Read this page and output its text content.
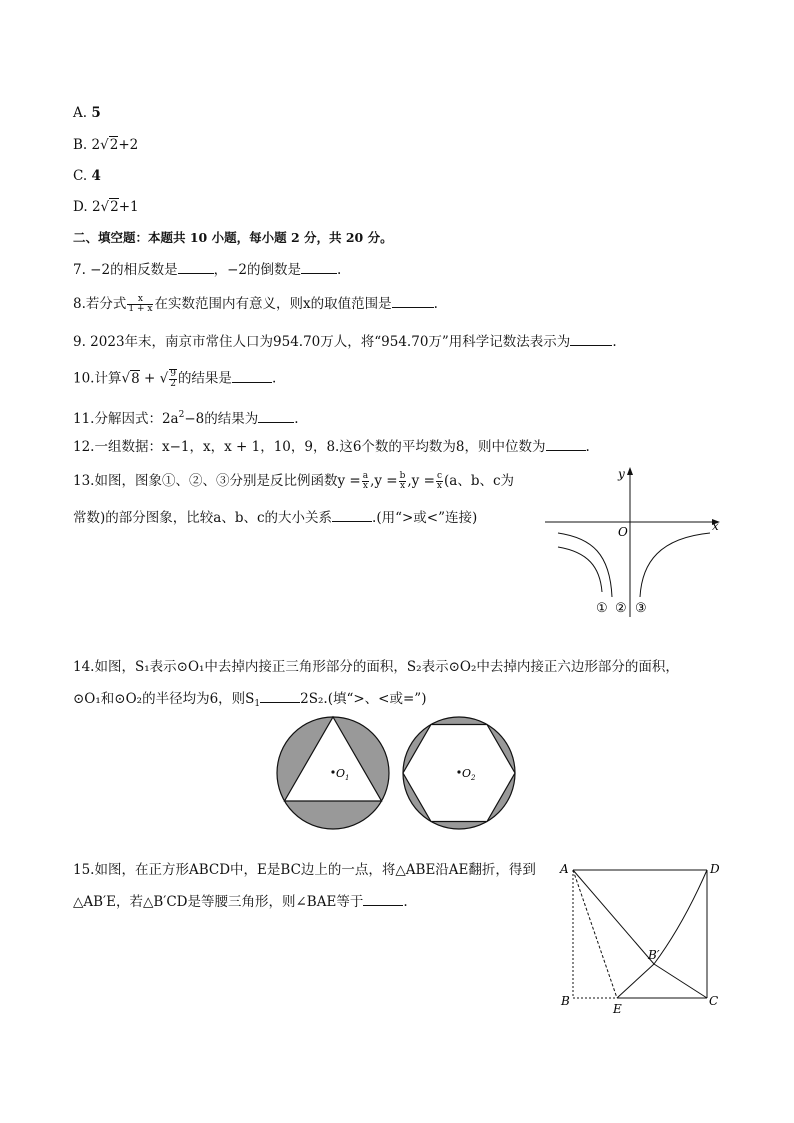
A. 5
B. 2√2+2
C. 4
D. 2√2+1
二、填空题：本题共 10 小题，每小题 2 分，共 20 分。
7. −2的相反数是	，−2的倒数是	.
8.若分式 $\frac{x}{1 + x}$ 在实数范围内有意义，则x的取值范围是	.
9. 2023年末，南京市常住人口为954.70万人，将“954.70万”用科学记数法表示为	.
10.计算√8 + √ $\frac{9}{2}$ 的结果是	.
11.分解因式：$2a^2-8$的结果为	.
12.一组数据：x−1，x，x + 1，10，9，8.这6个数的平均数为8，则中位数为	.
13.如图，图象①、②、③分别是反比例函数$y = \frac{a}{x} ,y = \frac{b}{x} ,y = \frac{c}{x} (a$、b、c为
常数)的部分图象，比较a、b、c的大小关系	.(用“>或<”连接)
y
x
O
① ② ③
14.如图，S₁表示⊙O₁中去掉内接正三角形部分的面积，S₂表示⊙O₂中去掉内接正六边形部分的面积，
⊙O₁和⊙O₂的半径均为6，则$S_1$	2S₂.(填“>、<或=”)
$O_1$	$O_2$
15.如图，在正方形ABCD中，E是BC边上的一点，将△ABE沿AE翻折，得到
△AB′E，若△B′CD是等腰三角形，则∠BAE等于	.
A	D
B	C
E
B′
